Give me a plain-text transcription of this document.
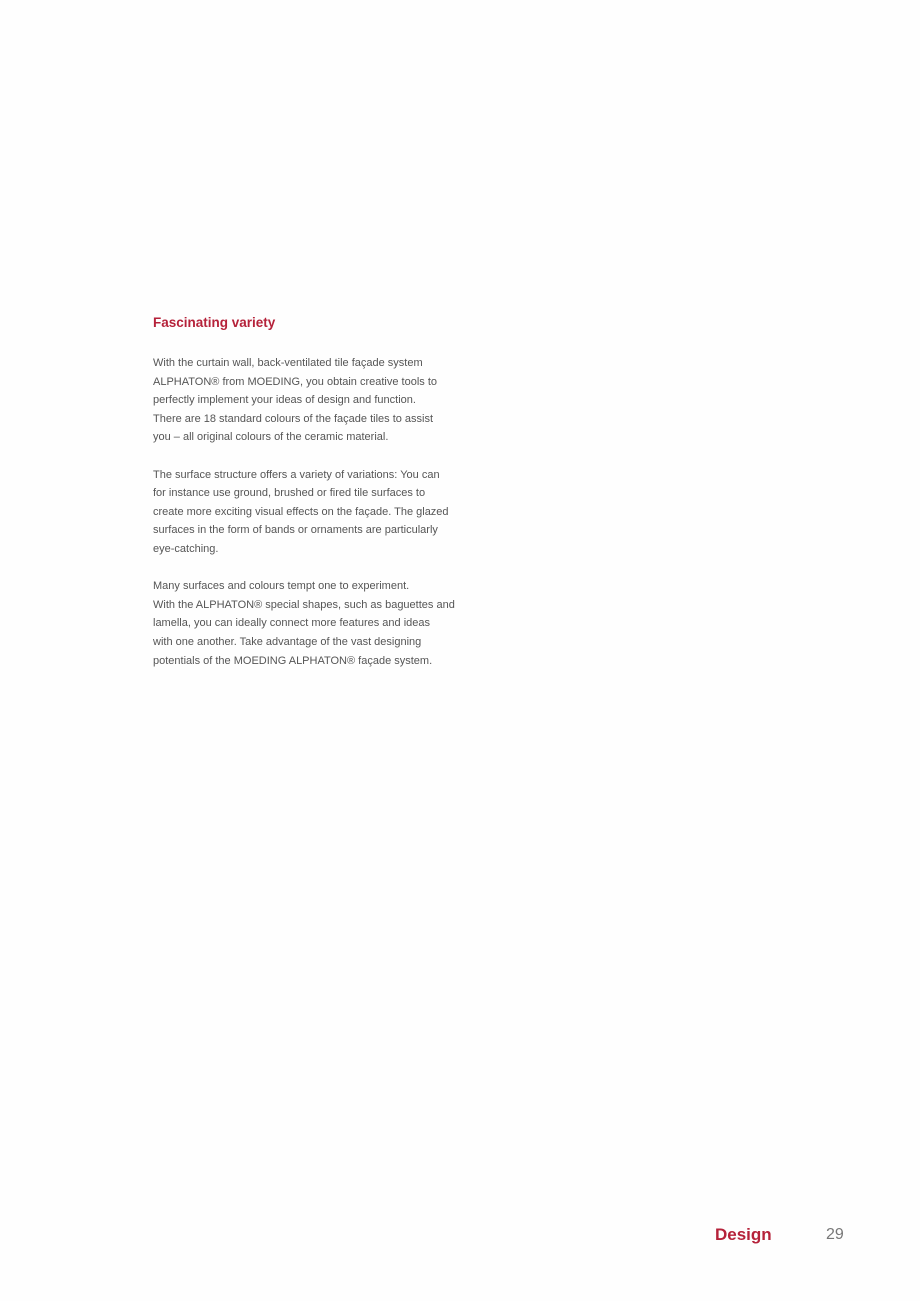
Fascinating variety

With the curtain wall, back-ventilated tile façade system
ALPHATON® from MOEDING, you obtain creative tools to
perfectly implement your ideas of design and function.
There are 18 standard colours of the façade tiles to assist
you – all original colours of the ceramic material.

The surface structure offers a variety of variations: You can
for instance use ground, brushed or fired tile surfaces to
create more exciting visual effects on the façade. The glazed
surfaces in the form of bands or ornaments are particularly
eye-catching.

Many surfaces and colours tempt one to experiment.
With the ALPHATON® special shapes, such as baguettes and
lamella, you can ideally connect more features and ideas
with one another. Take advantage of the vast designing
potentials of the MOEDING ALPHATON® façade system.

Design	29
